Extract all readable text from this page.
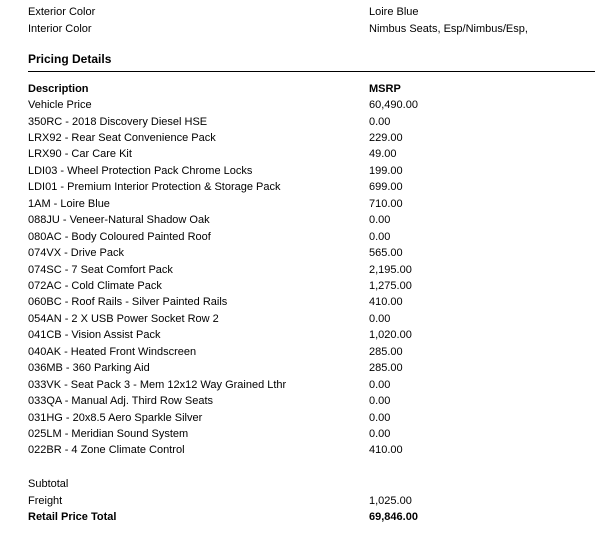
Exterior Color	Loire Blue
Interior Color	Nimbus Seats, Esp/Nimbus/Esp,
Pricing Details
Description	MSRP
Vehicle Price	60,490.00
350RC - 2018 Discovery Diesel HSE	0.00
LRX92 - Rear Seat Convenience Pack	229.00
LRX90 - Car Care Kit	49.00
LDI03 - Wheel Protection Pack Chrome Locks	199.00
LDI01 - Premium Interior Protection & Storage Pack	699.00
1AM - Loire Blue	710.00
088JU - Veneer-Natural Shadow Oak	0.00
080AC - Body Coloured Painted Roof	0.00
074VX - Drive Pack	565.00
074SC - 7 Seat Comfort Pack	2,195.00
072AC - Cold Climate Pack	1,275.00
060BC - Roof Rails - Silver Painted Rails	410.00
054AN - 2 X USB Power Socket Row 2	0.00
041CB - Vision Assist Pack	1,020.00
040AK - Heated Front Windscreen	285.00
036MB - 360 Parking Aid	285.00
033VK - Seat Pack 3 - Mem 12x12 Way Grained Lthr	0.00
033QA - Manual Adj. Third Row Seats	0.00
031HG - 20x8.5 Aero Sparkle Silver	0.00
025LM - Meridian Sound System	0.00
022BR - 4 Zone Climate Control	410.00
Subtotal
Freight	1,025.00
Retail Price Total	69,846.00
